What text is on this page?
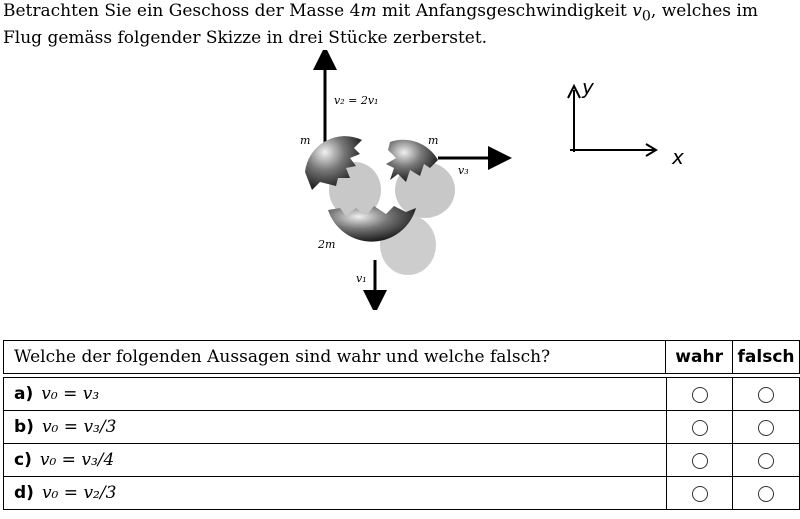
Betrachten Sie ein Geschoss der Masse 4m mit Anfangsgeschwindigkeit $v_0$, welches im Flug gemäss folgender Skizze in drei Stücke zerberstet.
v₂ = 2v₁
v₃
v₁
m	m
2m
y
x
Welche der folgenden Aussagen sind wahr und welche falsch?	wahr	falsch
a) v₀ = v₃		
b) v₀ = v₃/3		
c) v₀ = v₃/4		
d) v₀ = v₂/3		
